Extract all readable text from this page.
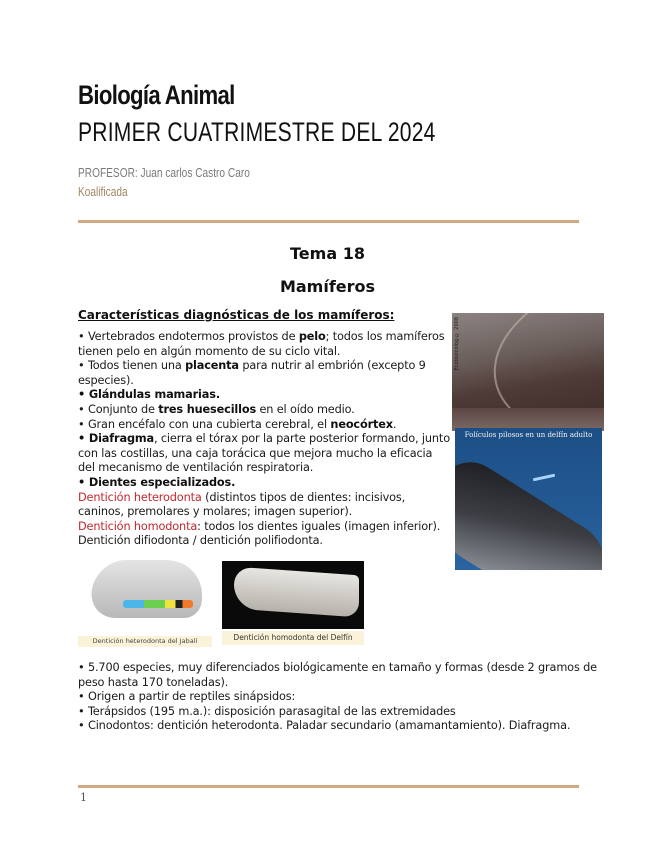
Biología Animal
PRIMER CUATRIMESTRE DEL 2024
PROFESOR: Juan carlos Castro Caro
Koalificada
Tema 18
Mamíferos
Características diagnósticas de los mamíferos:

• Vertebrados endotermos provistos de pelo; todos los mamíferos tienen pelo en algún momento de su ciclo vital.

• Todos tienen una placenta para nutrir al embrión (excepto 9 especies).

• Glándulas mamarias.

• Conjunto de tres huesecillos en el oído medio.

• Gran encéfalo con una cubierta cerebral, el neocórtex.

• Diafragma, cierra el tórax por la parte posterior formando, junto con las costillas, una caja torácica que mejora mucho la eficacia del mecanismo de ventilación respiratoria.

• Dientes especializados.

Dentición heterodonta (distintos tipos de dientes: incisivos, caninos, premolares y molares; imagen superior).

Dentición homodonta: todos los dientes iguales (imagen inferior).

Dentición difiodonta / dentición polifiodonta.

Ecotoxicolog © 2008
Folículos pilosos en un delfín adulto
Dentición heterodonta del Jabalí	Dentición homodonta del Delfín

• 5.700 especies, muy diferenciados biológicamente en tamaño y formas (desde 2 gramos de peso hasta 170 toneladas).

• Origen a partir de reptiles sinápsidos:

• Terápsidos (195 m.a.): disposición parasagital de las extremidades

• Cinodontos: dentición heterodonta. Paladar secundario (amamantamiento). Diafragma.

1
